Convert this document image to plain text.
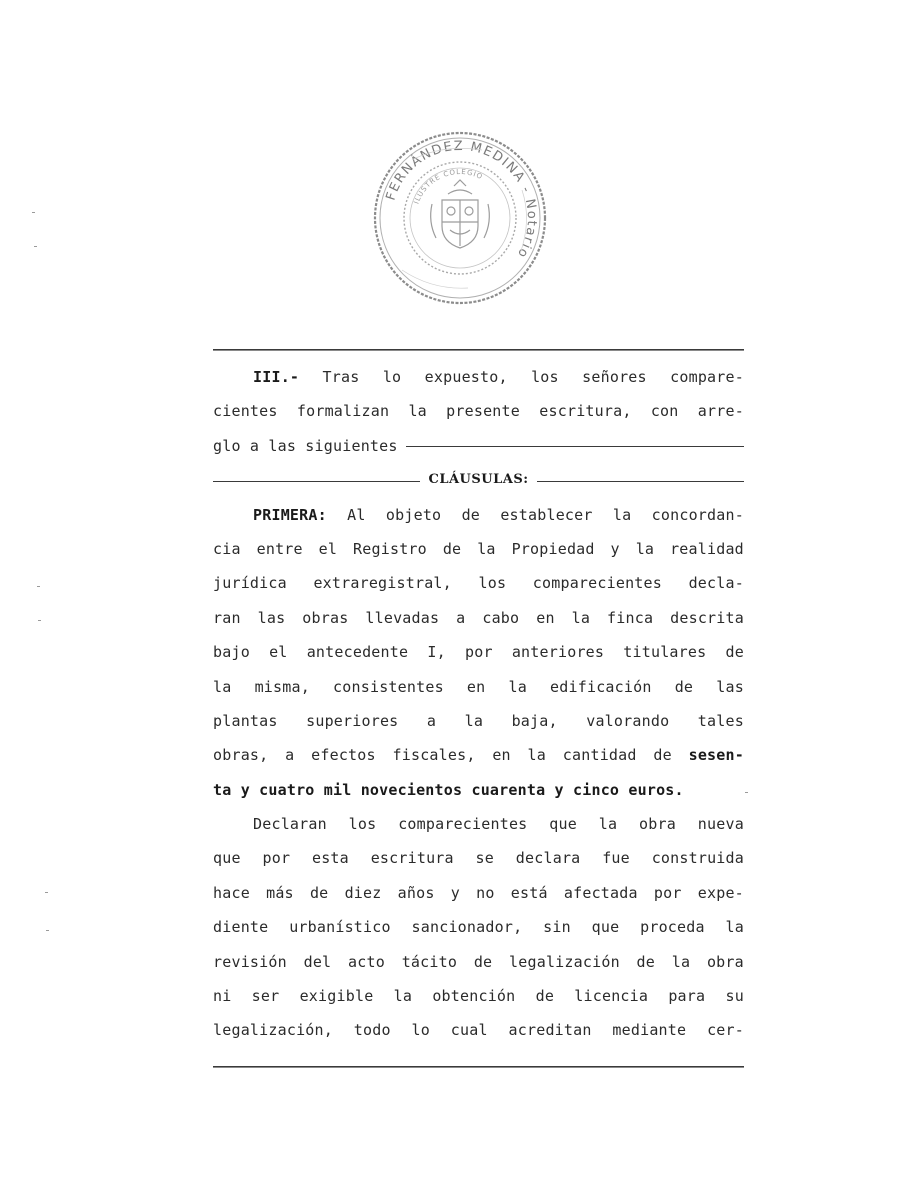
FERNÁNDEZ MEDINA - Notario
ILUSTRE COLEGIO
III.- Tras lo expuesto, los señores compare-
cientes formalizan la presente escritura, con arre-
glo a las siguientes
CLÁUSULAS:
PRIMERA: Al objeto de establecer la concordan-
cia entre el Registro de la Propiedad y la realidad
jurídica extraregistral, los comparecientes decla-
ran las obras llevadas a cabo en la finca descrita
bajo el antecedente I, por anteriores titulares de
la misma, consistentes en la edificación de las
plantas superiores a la baja, valorando tales
obras, a efectos fiscales, en la cantidad de sesen-
ta y cuatro mil novecientos cuarenta y cinco euros.
Declaran los comparecientes que la obra nueva
que por esta escritura se declara fue construida
hace más de diez años y no está afectada por expe-
diente urbanístico sancionador, sin que proceda la
revisión del acto tácito de legalización de la obra
ni ser exigible la obtención de licencia para su
legalización, todo lo cual acreditan mediante cer-
